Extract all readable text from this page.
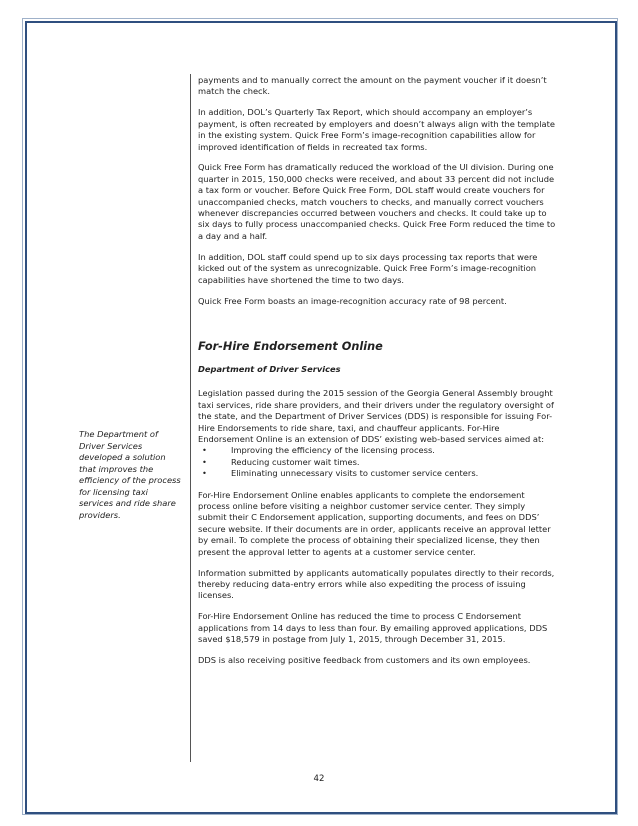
The Department of Driver Services developed a solution that improves the efficiency of the process for licensing taxi services and ride share providers.

payments and to manually correct the amount on the payment voucher if it doesn’t match the check.

In addition, DOL’s Quarterly Tax Report, which should accompany an employer’s payment, is often recreated by employers and doesn’t always align with the template in the existing system. Quick Free Form’s image-recognition capabilities allow for improved identification of fields in recreated tax forms.

Quick Free Form has dramatically reduced the workload of the UI division. During one quarter in 2015, 150,000 checks were received, and about 33 percent did not include a tax form or voucher. Before Quick Free Form, DOL staff would create vouchers for unaccompanied checks, match vouchers to checks, and manually correct vouchers whenever discrepancies occurred between vouchers and checks. It could take up to six days to fully process unaccompanied checks. Quick Free Form reduced the time to a day and a half.

In addition, DOL staff could spend up to six days processing tax reports that were kicked out of the system as unrecognizable. Quick Free Form’s image-recognition capabilities have shortened the time to two days.

Quick Free Form boasts an image-recognition accuracy rate of 98 percent.

For-Hire Endorsement Online
Department of Driver Services

Legislation passed during the 2015 session of the Georgia General Assembly brought taxi services, ride share providers, and their drivers under the regulatory oversight of the state, and the Department of Driver Services (DDS) is responsible for issuing For-Hire Endorsements to ride share, taxi, and chauffeur applicants. For-Hire Endorsement Online is an extension of DDS’ existing web-based services aimed at:

•	Improving the efficiency of the licensing process.
•	Reducing customer wait times.
•	Eliminating unnecessary visits to customer service centers.

For-Hire Endorsement Online enables applicants to complete the endorsement process online before visiting a neighbor customer service center. They simply submit their C Endorsement application, supporting documents, and fees on DDS’ secure website. If their documents are in order, applicants receive an approval letter by email. To complete the process of obtaining their specialized license, they then present the approval letter to agents at a customer service center.

Information submitted by applicants automatically populates directly to their records, thereby reducing data-entry errors while also expediting the process of issuing licenses.

For-Hire Endorsement Online has reduced the time to process C Endorsement applications from 14 days to less than four. By emailing approved applications, DDS saved $18,579 in postage from July 1, 2015, through December 31, 2015.

DDS is also receiving positive feedback from customers and its own employees.

42
